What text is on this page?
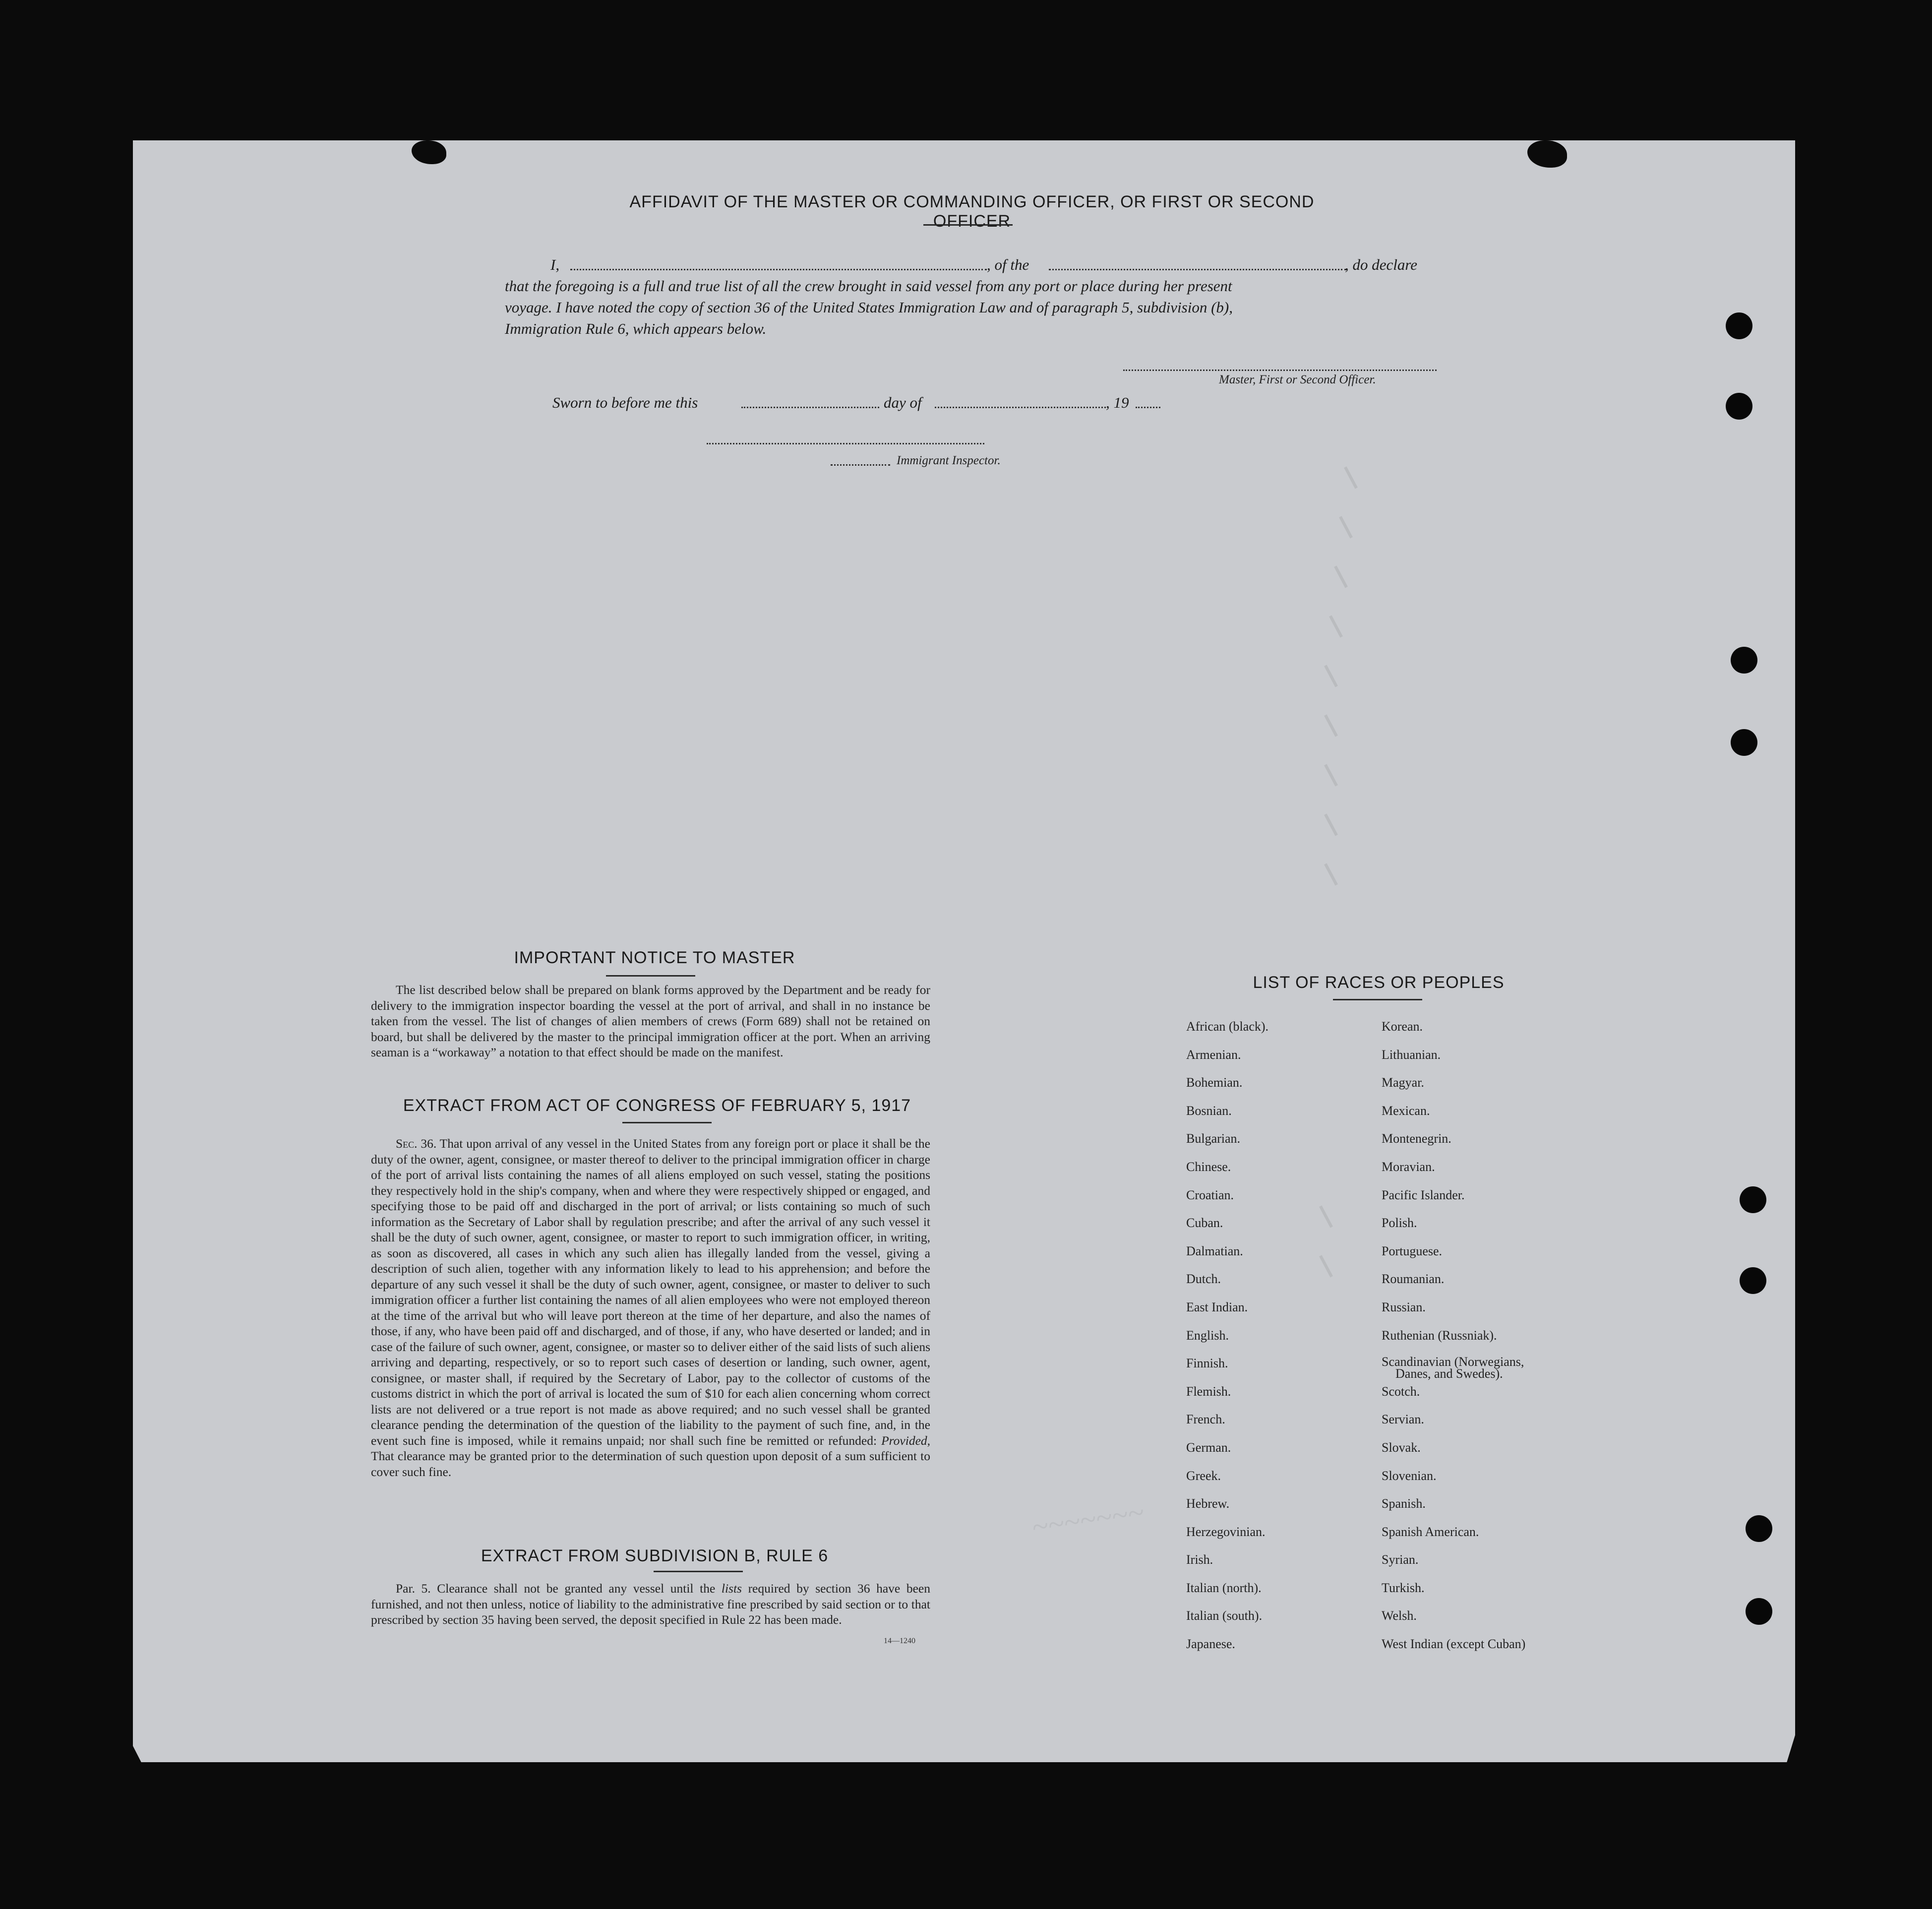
AFFIDAVIT OF THE MASTER OR COMMANDING OFFICER, OR FIRST OR SECOND OFFICER
I,	, of the	, do declare
that the foregoing is a full and true list of all the crew brought in said vessel from any port or place during her present
voyage. I have noted the copy of section 36 of the United States Immigration Law and of paragraph 5, subdivision (b),
Immigration Rule 6, which appears below.
Master, First or Second Officer.
Sworn to before me this	day of	, 19
Immigrant Inspector.
IMPORTANT NOTICE TO MASTER
The list described below shall be prepared on blank forms approved by the Department and be ready for delivery to the immigration inspector boarding the vessel at the port of arrival, and shall in no instance be taken from the vessel. The list of changes of alien members of crews (Form 689) shall not be retained on board, but shall be delivered by the master to the principal immigration officer at the port. When an arriving seaman is a “workaway” a notation to that effect should be made on the manifest.
EXTRACT FROM ACT OF CONGRESS OF FEBRUARY 5, 1917
Sec. 36. That upon arrival of any vessel in the United States from any foreign port or place it shall be the duty of the owner, agent, consignee, or master thereof to deliver to the principal immigration officer in charge of the port of arrival lists containing the names of all aliens employed on such vessel, stating the positions they respectively hold in the ship's company, when and where they were respectively shipped or engaged, and specifying those to be paid off and discharged in the port of arrival; or lists containing so much of such information as the Secretary of Labor shall by regulation prescribe; and after the arrival of any such vessel it shall be the duty of such owner, agent, consignee, or master to report to such immigration officer, in writing, as soon as discovered, all cases in which any such alien has illegally landed from the vessel, giving a description of such alien, together with any information likely to lead to his apprehension; and before the departure of any such vessel it shall be the duty of such owner, agent, consignee, or master to deliver to such immigration officer a further list containing the names of all alien employees who were not employed thereon at the time of the arrival but who will leave port thereon at the time of her departure, and also the names of those, if any, who have been paid off and discharged, and of those, if any, who have deserted or landed; and in case of the failure of such owner, agent, consignee, or master so to deliver either of the said lists of such aliens arriving and departing, respectively, or so to report such cases of desertion or landing, such owner, agent, consignee, or master shall, if required by the Secretary of Labor, pay to the collector of customs of the customs district in which the port of arrival is located the sum of $10 for each alien concerning whom correct lists are not delivered or a true report is not made as above required; and no such vessel shall be granted clearance pending the determination of the question of the liability to the payment of such fine, and, in the event such fine is imposed, while it remains unpaid; nor shall such fine be remitted or refunded: Provided, That clearance may be granted prior to the determination of such question upon deposit of a sum sufficient to cover such fine.
~~~~~~~
EXTRACT FROM SUBDIVISION B, RULE 6
Par. 5. Clearance shall not be granted any vessel until the lists required by section 36 have been furnished, and not then unless, notice of liability to the administrative fine prescribed by said section or to that prescribed by section 35 having been served, the deposit specified in Rule 22 has been made.
14—1240
LIST OF RACES OR PEOPLES
African (black).
Armenian.
Bohemian.
Bosnian.
Bulgarian.
Chinese.
Croatian.
Cuban.
Dalmatian.
Dutch.
East Indian.
English.
Finnish.
Flemish.
French.
German.
Greek.
Hebrew.
Herzegovinian.
Irish.
Italian (north).
Italian (south).
Japanese.
Korean.
Lithuanian.
Magyar.
Mexican.
Montenegrin.
Moravian.
Pacific Islander.
Polish.
Portuguese.
Roumanian.
Russian.
Ruthenian (Russniak).
Scandinavian (Norwegians,
Danes, and Swedes).
Scotch.
Servian.
Slovak.
Slovenian.
Spanish.
Spanish American.
Syrian.
Turkish.
Welsh.
West Indian (except Cuban)
